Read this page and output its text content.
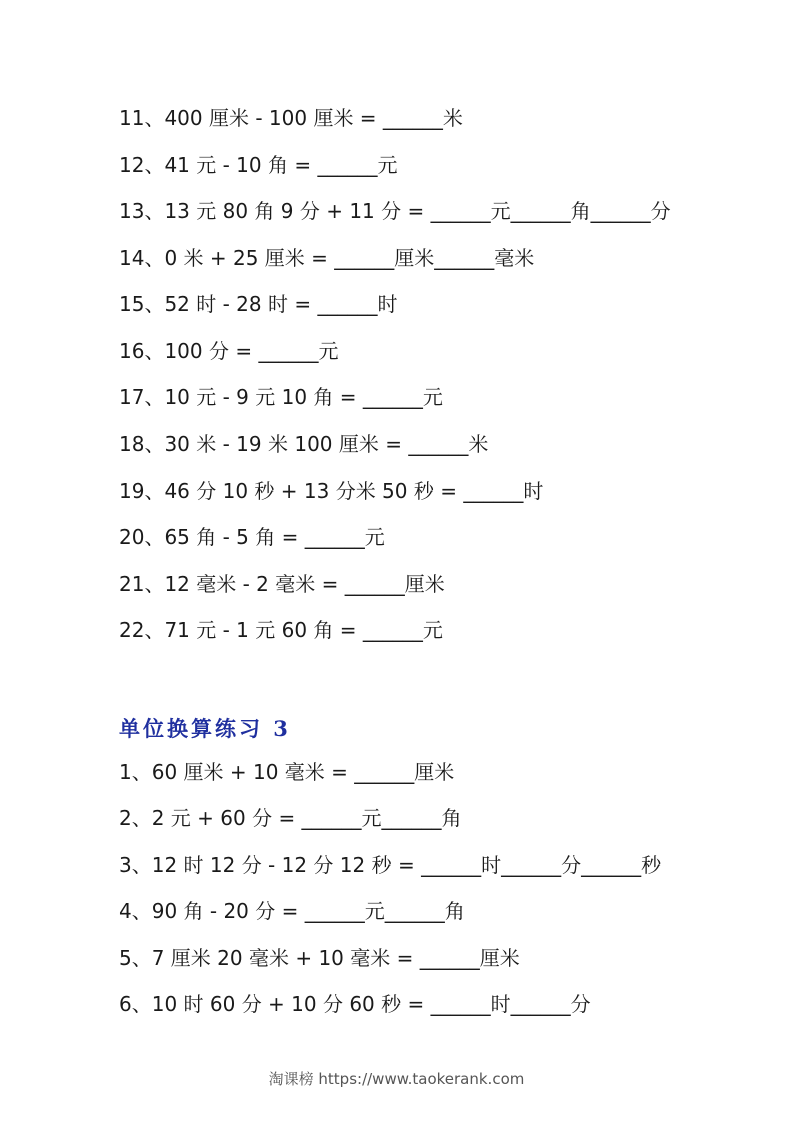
11、400 厘米 - 100 厘米 = ______米
12、41 元 - 10 角 = ______元
13、13 元 80 角 9 分 + 11 分 = ______元______角______分
14、0 米 + 25 厘米 = ______厘米______毫米
15、52 时 - 28 时 = ______时
16、100 分 = ______元
17、10 元 - 9 元 10 角 = ______元
18、30 米 - 19 米 100 厘米 = ______米
19、46 分 10 秒 + 13 分米 50 秒 = ______时
20、65 角 - 5 角 = ______元
21、12 毫米 - 2 毫米 = ______厘米
22、71 元 - 1 元 60 角 = ______元
单位换算练习 3
1、60 厘米 + 10 毫米 = ______厘米
2、2 元 + 60 分 = ______元______角
3、12 时 12 分 - 12 分 12 秒 = ______时______分______秒
4、90 角 - 20 分 = ______元______角
5、7 厘米 20 毫米 + 10 毫米 = ______厘米
6、10 时 60 分 + 10 分 60 秒 = ______时______分
淘课榜 https://www.taokerank.com
